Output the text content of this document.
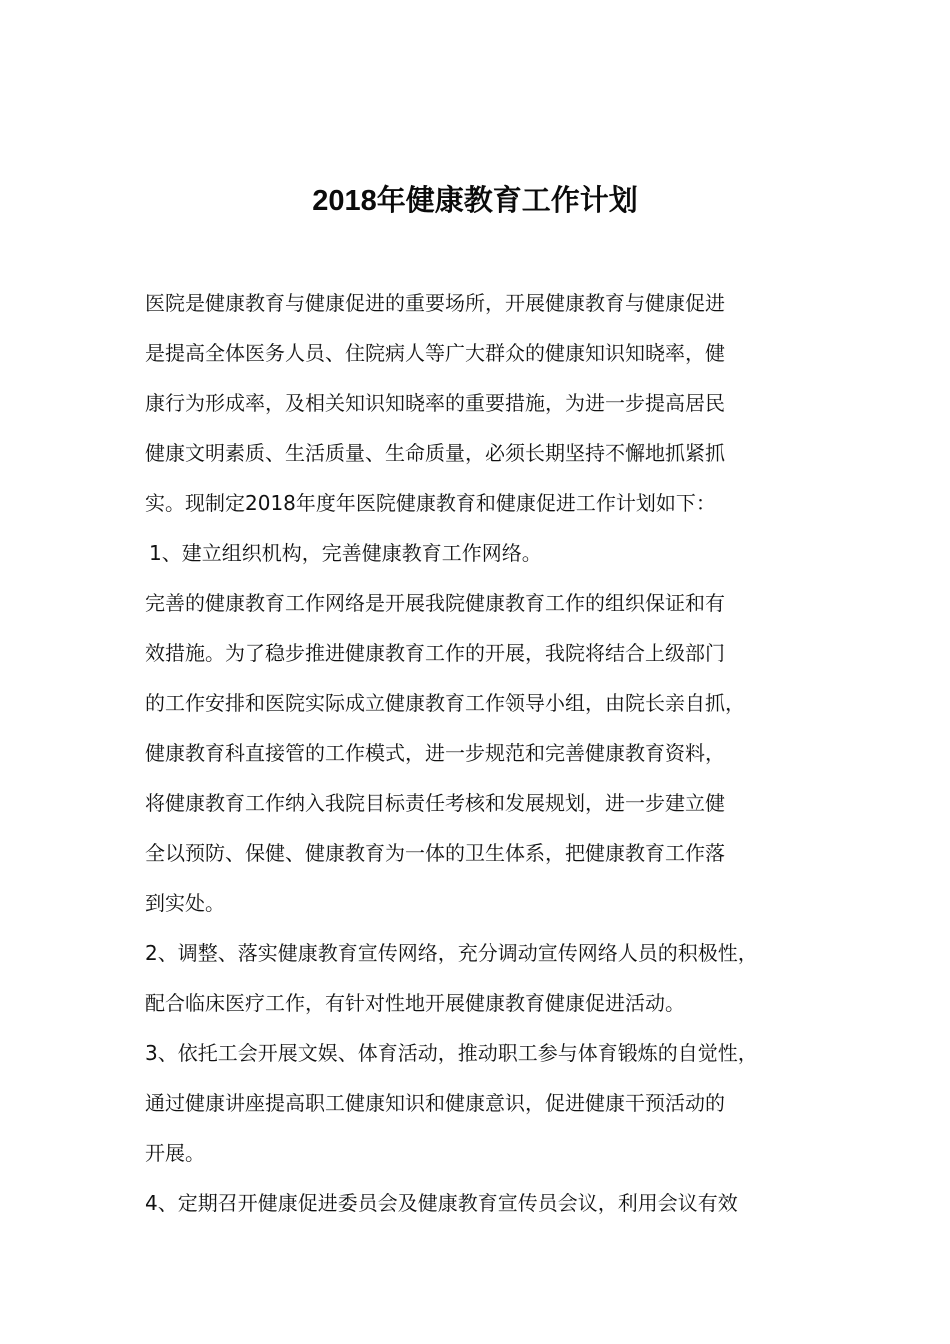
2018年健康教育工作计划

医院是健康教育与健康促进的重要场所，开展健康教育与健康促进

是提高全体医务人员、住院病人等广大群众的健康知识知晓率，健

康行为形成率，及相关知识知晓率的重要措施，为进一步提高居民

健康文明素质、生活质量、生命质量，必须长期坚持不懈地抓紧抓

实。现制定2018年度年医院健康教育和健康促进工作计划如下：

1、建立组织机构，完善健康教育工作网络。

完善的健康教育工作网络是开展我院健康教育工作的组织保证和有

效措施。为了稳步推进健康教育工作的开展，我院将结合上级部门

的工作安排和医院实际成立健康教育工作领导小组，由院长亲自抓，

健康教育科直接管的工作模式，进一步规范和完善健康教育资料，

将健康教育工作纳入我院目标责任考核和发展规划，进一步建立健

全以预防、保健、健康教育为一体的卫生体系，把健康教育工作落

到实处。

2、调整、落实健康教育宣传网络，充分调动宣传网络人员的积极性，

配合临床医疗工作，有针对性地开展健康教育健康促进活动。

3、依托工会开展文娱、体育活动，推动职工参与体育锻炼的自觉性，

通过健康讲座提高职工健康知识和健康意识，促进健康干预活动的

开展。

4、定期召开健康促进委员会及健康教育宣传员会议，利用会议有效
